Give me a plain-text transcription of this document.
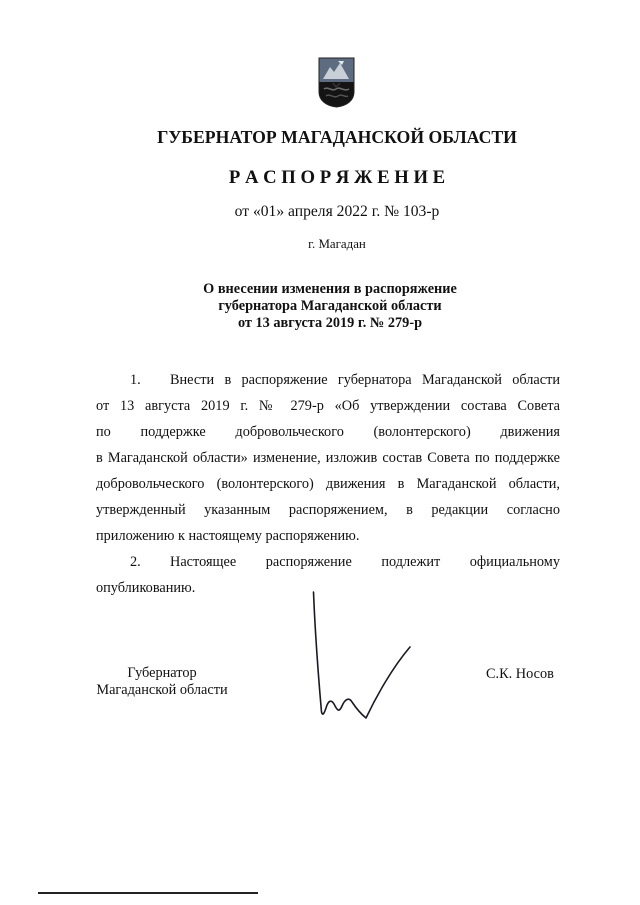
ГУБЕРНАТОР МАГАДАНСКОЙ ОБЛАСТИ
Р А С П О Р Я Ж Е Н И Е
от «01» апреля 2022 г. № 103-р
г. Магадан
О внесении изменения в распоряжение
губернатора Магаданской области
от 13 августа 2019 г. № 279-р
1. Внести в распоряжение губернатора Магаданской области
от 13 августа 2019 г. № 279-р «Об утверждении состава Совета
по поддержке добровольческого (волонтерского) движения
в Магаданской области» изменение, изложив состав Совета по поддержке
добровольческого (волонтерского) движения в Магаданской области,
утвержденный указанным распоряжением, в редакции согласно
приложению к настоящему распоряжению.
2. Настоящее распоряжение подлежит официальному
опубликованию.
Губернатор
Магаданской области
С.К. Носов
